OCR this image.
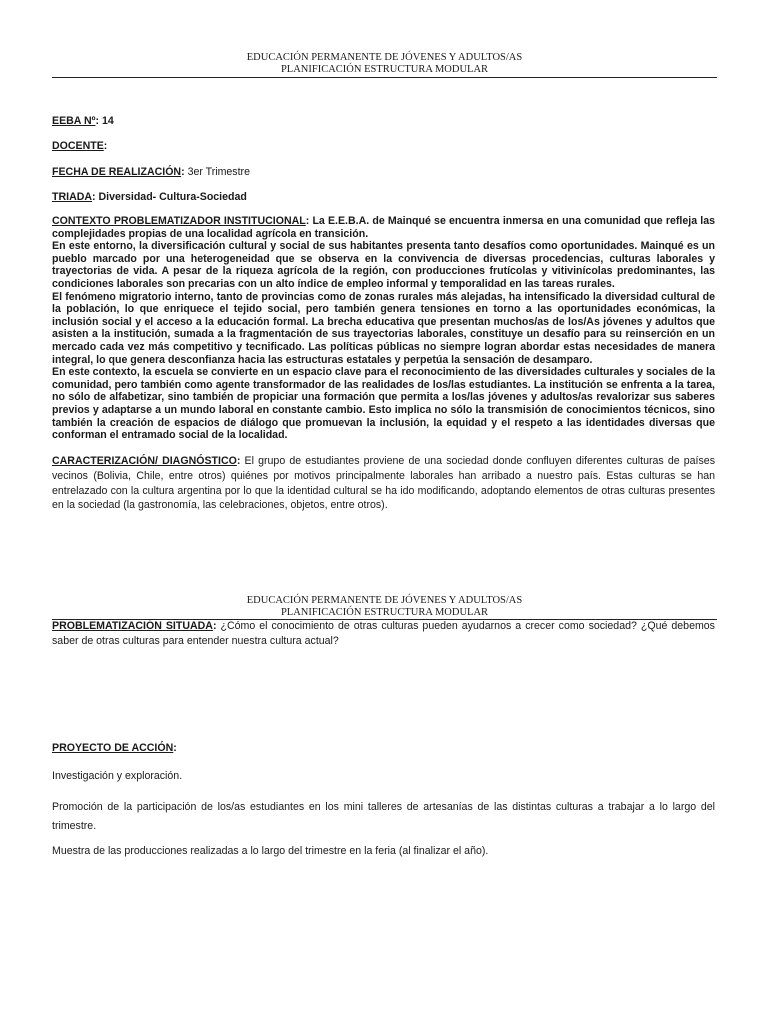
EDUCACIÓN PERMANENTE DE JÓVENES Y ADULTOS/AS
PLANIFICACIÓN ESTRUCTURA MODULAR
EEBA Nº: 14
DOCENTE:
FECHA DE REALIZACIÓN: 3er Trimestre
TRIADA: Diversidad- Cultura-Sociedad

CONTEXTO PROBLEMATIZADOR INSTITUCIONAL: La E.E.B.A. de Mainqué se encuentra inmersa en una comunidad que refleja las complejidades propias de una localidad agrícola en transición.

En este entorno, la diversificación cultural y social de sus habitantes presenta tanto desafíos como oportunidades. Mainqué es un pueblo marcado por una heterogeneidad que se observa en la convivencia de diversas procedencias, culturas laborales y trayectorias de vida. A pesar de la riqueza agrícola de la región, con producciones frutícolas y vitivinícolas predominantes, las condiciones laborales son precarias con un alto índice de empleo informal y temporalidad en las tareas rurales.

El fenómeno migratorio interno, tanto de provincias como de zonas rurales más alejadas, ha intensificado la diversidad cultural de la población, lo que enriquece el tejido social, pero también genera tensiones en torno a las oportunidades económicas, la inclusión social y el acceso a la educación formal. La brecha educativa que presentan muchos/as de los/As jóvenes y adultos que asisten a la institución, sumada a la fragmentación de sus trayectorias laborales, constituye un desafío para su reinserción en un mercado cada vez más competitivo y tecnificado. Las políticas públicas no siempre logran abordar estas necesidades de manera integral, lo que genera desconfianza hacia las estructuras estatales y perpetúa la sensación de desamparo.

En este contexto, la escuela se convierte en un espacio clave para el reconocimiento de las diversidades culturales y sociales de la comunidad, pero también como agente transformador de las realidades de los/las estudiantes. La institución se enfrenta a la tarea, no sólo de alfabetizar, sino también de propiciar una formación que permita a los/las jóvenes y adultos/as revalorizar sus saberes previos y adaptarse a un mundo laboral en constante cambio. Esto implica no sólo la transmisión de conocimientos técnicos, sino también la creación de espacios de diálogo que promuevan la inclusión, la equidad y el respeto a las identidades diversas que conforman el entramado social de la localidad.

CARACTERIZACIÓN/ DIAGNÓSTICO: El grupo de estudiantes proviene de una sociedad donde confluyen diferentes culturas de países vecinos (Bolivia, Chile, entre otros) quiénes por motivos principalmente laborales han arribado a nuestro país. Estas culturas se han entrelazado con la cultura argentina por lo que la identidad cultural se ha ido modificando, adoptando elementos de otras culturas presentes en la sociedad (la gastronomía, las celebraciones, objetos, entre otros).
EDUCACIÓN PERMANENTE DE JÓVENES Y ADULTOS/AS
PLANIFICACIÓN ESTRUCTURA MODULAR
PROBLEMATIZACIÓN SITUADA: ¿Cómo el conocimiento de otras culturas pueden ayudarnos a crecer como sociedad? ¿Qué debemos saber de otras culturas para entender nuestra cultura actual?
PROYECTO DE ACCIÓN:
Investigación y exploración.
Promoción de la participación de los/as estudiantes en los mini talleres de artesanías de las distintas culturas a trabajar a lo largo del trimestre.
Muestra de las producciones realizadas a lo largo del trimestre en la feria (al finalizar el año).
